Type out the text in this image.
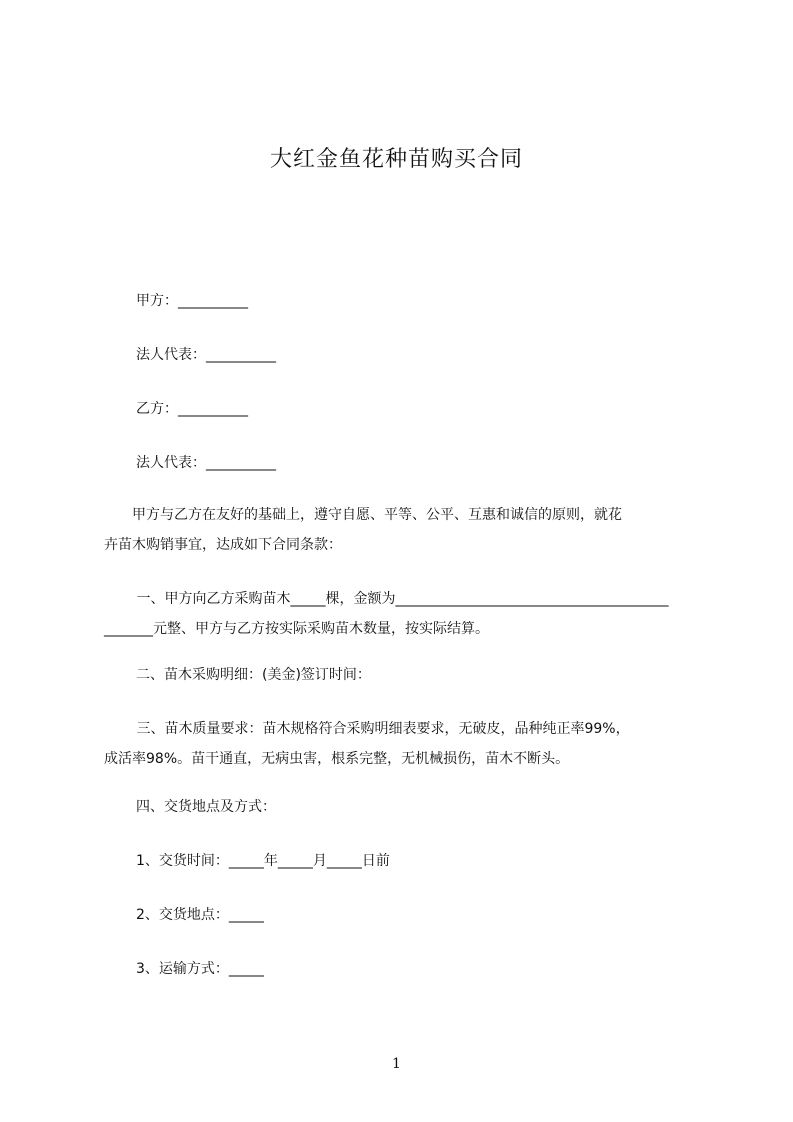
大红金鱼花种苗购买合同
甲方：__________
法人代表：__________
乙方：__________
法人代表：__________
　　甲方与乙方在友好的基础上，遵守自愿、平等、公平、互惠和诚信的原则，就花
卉苗木购销事宜，达成如下合同条款：
　　 一、甲方向乙方采购苗木_____棵，金额为_______________________________________
_______元整、甲方与乙方按实际采购苗木数量，按实际结算。
二、苗木采购明细：(美金)签订时间：
　　 三、苗木质量要求：苗木规格符合采购明细表要求，无破皮，品种纯正率99%，
成活率98%。苗干通直，无病虫害，根系完整，无机械损伤，苗木不断头。
四、交货地点及方式：
1、交货时间：_____年_____月_____日前
2、交货地点：_____
3、运输方式：_____
1
